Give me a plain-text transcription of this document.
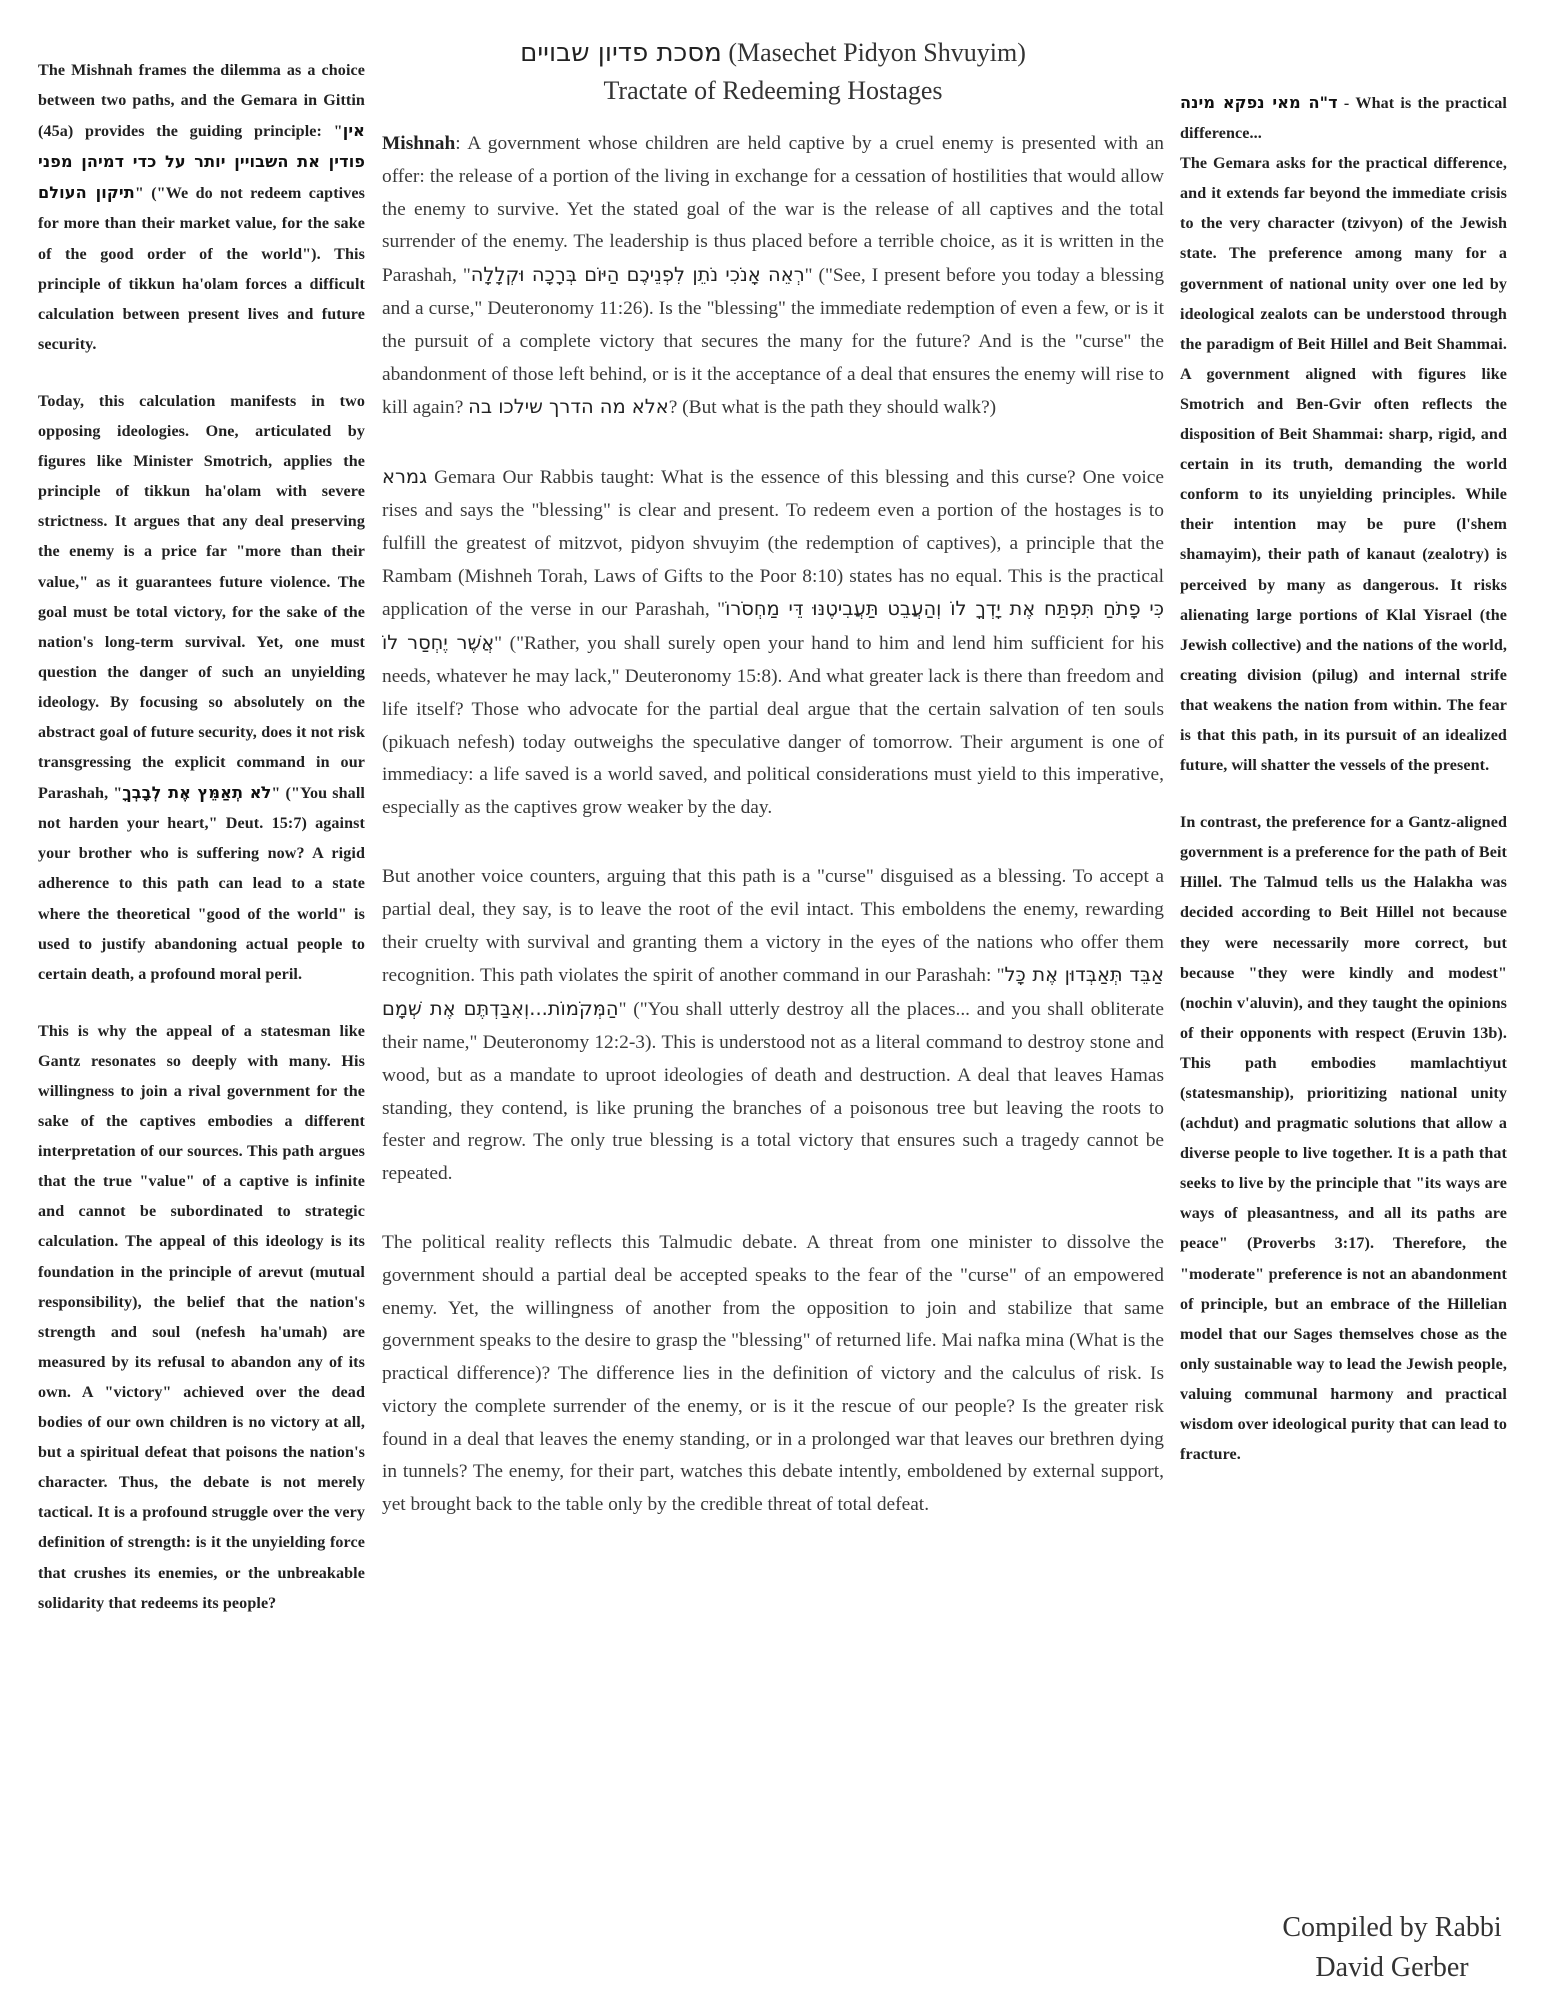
The Mishnah frames the dilemma as a choice between two paths, and the Gemara in Gittin (45a) provides the guiding principle: "אין פודין את השבויין יותר על כדי דמיהן מפני תיקון העולם" ("We do not redeem captives for more than their market value, for the sake of the good order of the world"). This principle of tikkun ha'olam forces a difficult calculation between present lives and future security.

Today, this calculation manifests in two opposing ideologies. One, articulated by figures like Minister Smotrich, applies the principle of tikkun ha'olam with severe strictness. It argues that any deal preserving the enemy is a price far "more than their value," as it guarantees future violence. The goal must be total victory, for the sake of the nation's long-term survival. Yet, one must question the danger of such an unyielding ideology. By focusing so absolutely on the abstract goal of future security, does it not risk transgressing the explicit command in our Parashah, "לֹא תְאַמֵּץ אֶת לְבָבְךָ" ("You shall not harden your heart," Deut. 15:7) against your brother who is suffering now? A rigid adherence to this path can lead to a state where the theoretical "good of the world" is used to justify abandoning actual people to certain death, a profound moral peril.

This is why the appeal of a statesman like Gantz resonates so deeply with many. His willingness to join a rival government for the sake of the captives embodies a different interpretation of our sources. This path argues that the true "value" of a captive is infinite and cannot be subordinated to strategic calculation. The appeal of this ideology is its foundation in the principle of arevut (mutual responsibility), the belief that the nation's strength and soul (nefesh ha'umah) are measured by its refusal to abandon any of its own. A "victory" achieved over the dead bodies of our own children is no victory at all, but a spiritual defeat that poisons the nation's character. Thus, the debate is not merely tactical. It is a profound struggle over the very definition of strength: is it the unyielding force that crushes its enemies, or the unbreakable solidarity that redeems its people?

מסכת פדיון שבויים (Masechet Pidyon Shvuyim)
Tractate of Redeeming Hostages

Mishnah: A government whose children are held captive by a cruel enemy is presented with an offer: the release of a portion of the living in exchange for a cessation of hostilities that would allow the enemy to survive. Yet the stated goal of the war is the release of all captives and the total surrender of the enemy. The leadership is thus placed before a terrible choice, as it is written in the Parashah, "רְאֵה אָנֹכִי נֹתֵן לִפְנֵיכֶם הַיּוֹם בְּרָכָה וּקְלָלָה" ("See, I present before you today a blessing and a curse," Deuteronomy 11:26). Is the "blessing" the immediate redemption of even a few, or is it the pursuit of a complete victory that secures the many for the future? And is the "curse" the abandonment of those left behind, or is it the acceptance of a deal that ensures the enemy will rise to kill again? אלא מה הדרך שילכו בה? (But what is the path they should walk?)

גמרא Gemara Our Rabbis taught: What is the essence of this blessing and this curse? One voice rises and says the "blessing" is clear and present. To redeem even a portion of the hostages is to fulfill the greatest of mitzvot, pidyon shvuyim (the redemption of captives), a principle that the Rambam (Mishneh Torah, Laws of Gifts to the Poor 8:10) states has no equal. This is the practical application of the verse in our Parashah, "כִּי פָתֹחַ תִּפְתַּח אֶת יָדְךָ לוֹ וְהַעֲבֵט תַּעֲבִיטֶנּוּ דֵּי מַחְסֹרוֹ אֲשֶׁר יֶחְסַר לוֹ" ("Rather, you shall surely open your hand to him and lend him sufficient for his needs, whatever he may lack," Deuteronomy 15:8). And what greater lack is there than freedom and life itself? Those who advocate for the partial deal argue that the certain salvation of ten souls (pikuach nefesh) today outweighs the speculative danger of tomorrow. Their argument is one of immediacy: a life saved is a world saved, and political considerations must yield to this imperative, especially as the captives grow weaker by the day.

But another voice counters, arguing that this path is a "curse" disguised as a blessing. To accept a partial deal, they say, is to leave the root of the evil intact. This emboldens the enemy, rewarding their cruelty with survival and granting them a victory in the eyes of the nations who offer them recognition. This path violates the spirit of another command in our Parashah: "אַבֵּד תְּאַבְּדוּן אֶת כָּל הַמְּקֹמוֹת...וְאִבַּדְתֶּם אֶת שְׁמָם" ("You shall utterly destroy all the places... and you shall obliterate their name," Deuteronomy 12:2-3). This is understood not as a literal command to destroy stone and wood, but as a mandate to uproot ideologies of death and destruction. A deal that leaves Hamas standing, they contend, is like pruning the branches of a poisonous tree but leaving the roots to fester and regrow. The only true blessing is a total victory that ensures such a tragedy cannot be repeated.

The political reality reflects this Talmudic debate. A threat from one minister to dissolve the government should a partial deal be accepted speaks to the fear of the "curse" of an empowered enemy. Yet, the willingness of another from the opposition to join and stabilize that same government speaks to the desire to grasp the "blessing" of returned life. Mai nafka mina (What is the practical difference)? The difference lies in the definition of victory and the calculus of risk. Is victory the complete surrender of the enemy, or is it the rescue of our people? Is the greater risk found in a deal that leaves the enemy standing, or in a prolonged war that leaves our brethren dying in tunnels? The enemy, for their part, watches this debate intently, emboldened by external support, yet brought back to the table only by the credible threat of total defeat.

ד"ה מאי נפקא מינה - What is the practical difference...

The Gemara asks for the practical difference, and it extends far beyond the immediate crisis to the very character (tzivyon) of the Jewish state. The preference among many for a government of national unity over one led by ideological zealots can be understood through the paradigm of Beit Hillel and Beit Shammai. A government aligned with figures like Smotrich and Ben-Gvir often reflects the disposition of Beit Shammai: sharp, rigid, and certain in its truth, demanding the world conform to its unyielding principles. While their intention may be pure (l'shem shamayim), their path of kanaut (zealotry) is perceived by many as dangerous. It risks alienating large portions of Klal Yisrael (the Jewish collective) and the nations of the world, creating division (pilug) and internal strife that weakens the nation from within. The fear is that this path, in its pursuit of an idealized future, will shatter the vessels of the present.

In contrast, the preference for a Gantz-aligned government is a preference for the path of Beit Hillel. The Talmud tells us the Halakha was decided according to Beit Hillel not because they were necessarily more correct, but because "they were kindly and modest" (nochin v'aluvin), and they taught the opinions of their opponents with respect (Eruvin 13b). This path embodies mamlachtiyut (statesmanship), prioritizing national unity (achdut) and pragmatic solutions that allow a diverse people to live together. It is a path that seeks to live by the principle that "its ways are ways of pleasantness, and all its paths are peace" (Proverbs 3:17). Therefore, the "moderate" preference is not an abandonment of principle, but an embrace of the Hillelian model that our Sages themselves chose as the only sustainable way to lead the Jewish people, valuing communal harmony and practical wisdom over ideological purity that can lead to fracture.

Compiled by Rabbi
David Gerber
